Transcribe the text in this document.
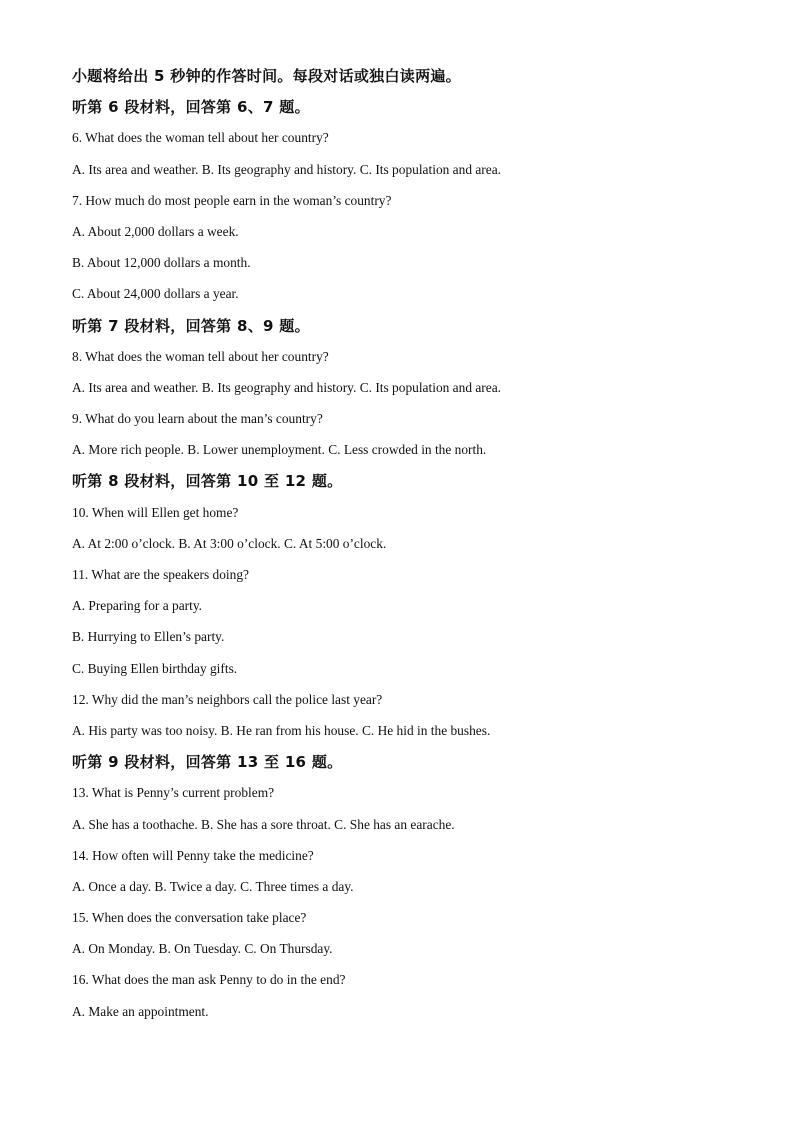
小题将给出 5 秒钟的作答时间。每段对话或独白读两遍。
听第 6 段材料，回答第 6、7 题。
6. What does the woman tell about her country?
A. Its area and weather. B. Its geography and history. C. Its population and area.
7. How much do most people earn in the woman’s country?
A. About 2,000 dollars a week.
B. About 12,000 dollars a month.
C. About 24,000 dollars a year.
听第 7 段材料，回答第 8、9 题。
8. What does the woman tell about her country?
A. Its area and weather. B. Its geography and history. C. Its population and area.
9. What do you learn about the man’s country?
A. More rich people. B. Lower unemployment. C. Less crowded in the north.
听第 8 段材料，回答第 10 至 12 题。
10. When will Ellen get home?
A. At 2:00 o’clock. B. At 3:00 o’clock. C. At 5:00 o’clock.
11. What are the speakers doing?
A. Preparing for a party.
B. Hurrying to Ellen’s party.
C. Buying Ellen birthday gifts.
12. Why did the man’s neighbors call the police last year?
A. His party was too noisy. B. He ran from his house. C. He hid in the bushes.
听第 9 段材料，回答第 13 至 16 题。
13. What is Penny’s current problem?
A. She has a toothache. B. She has a sore throat. C. She has an earache.
14. How often will Penny take the medicine?
A. Once a day. B. Twice a day. C. Three times a day.
15. When does the conversation take place?
A. On Monday. B. On Tuesday. C. On Thursday.
16. What does the man ask Penny to do in the end?
A. Make an appointment.
